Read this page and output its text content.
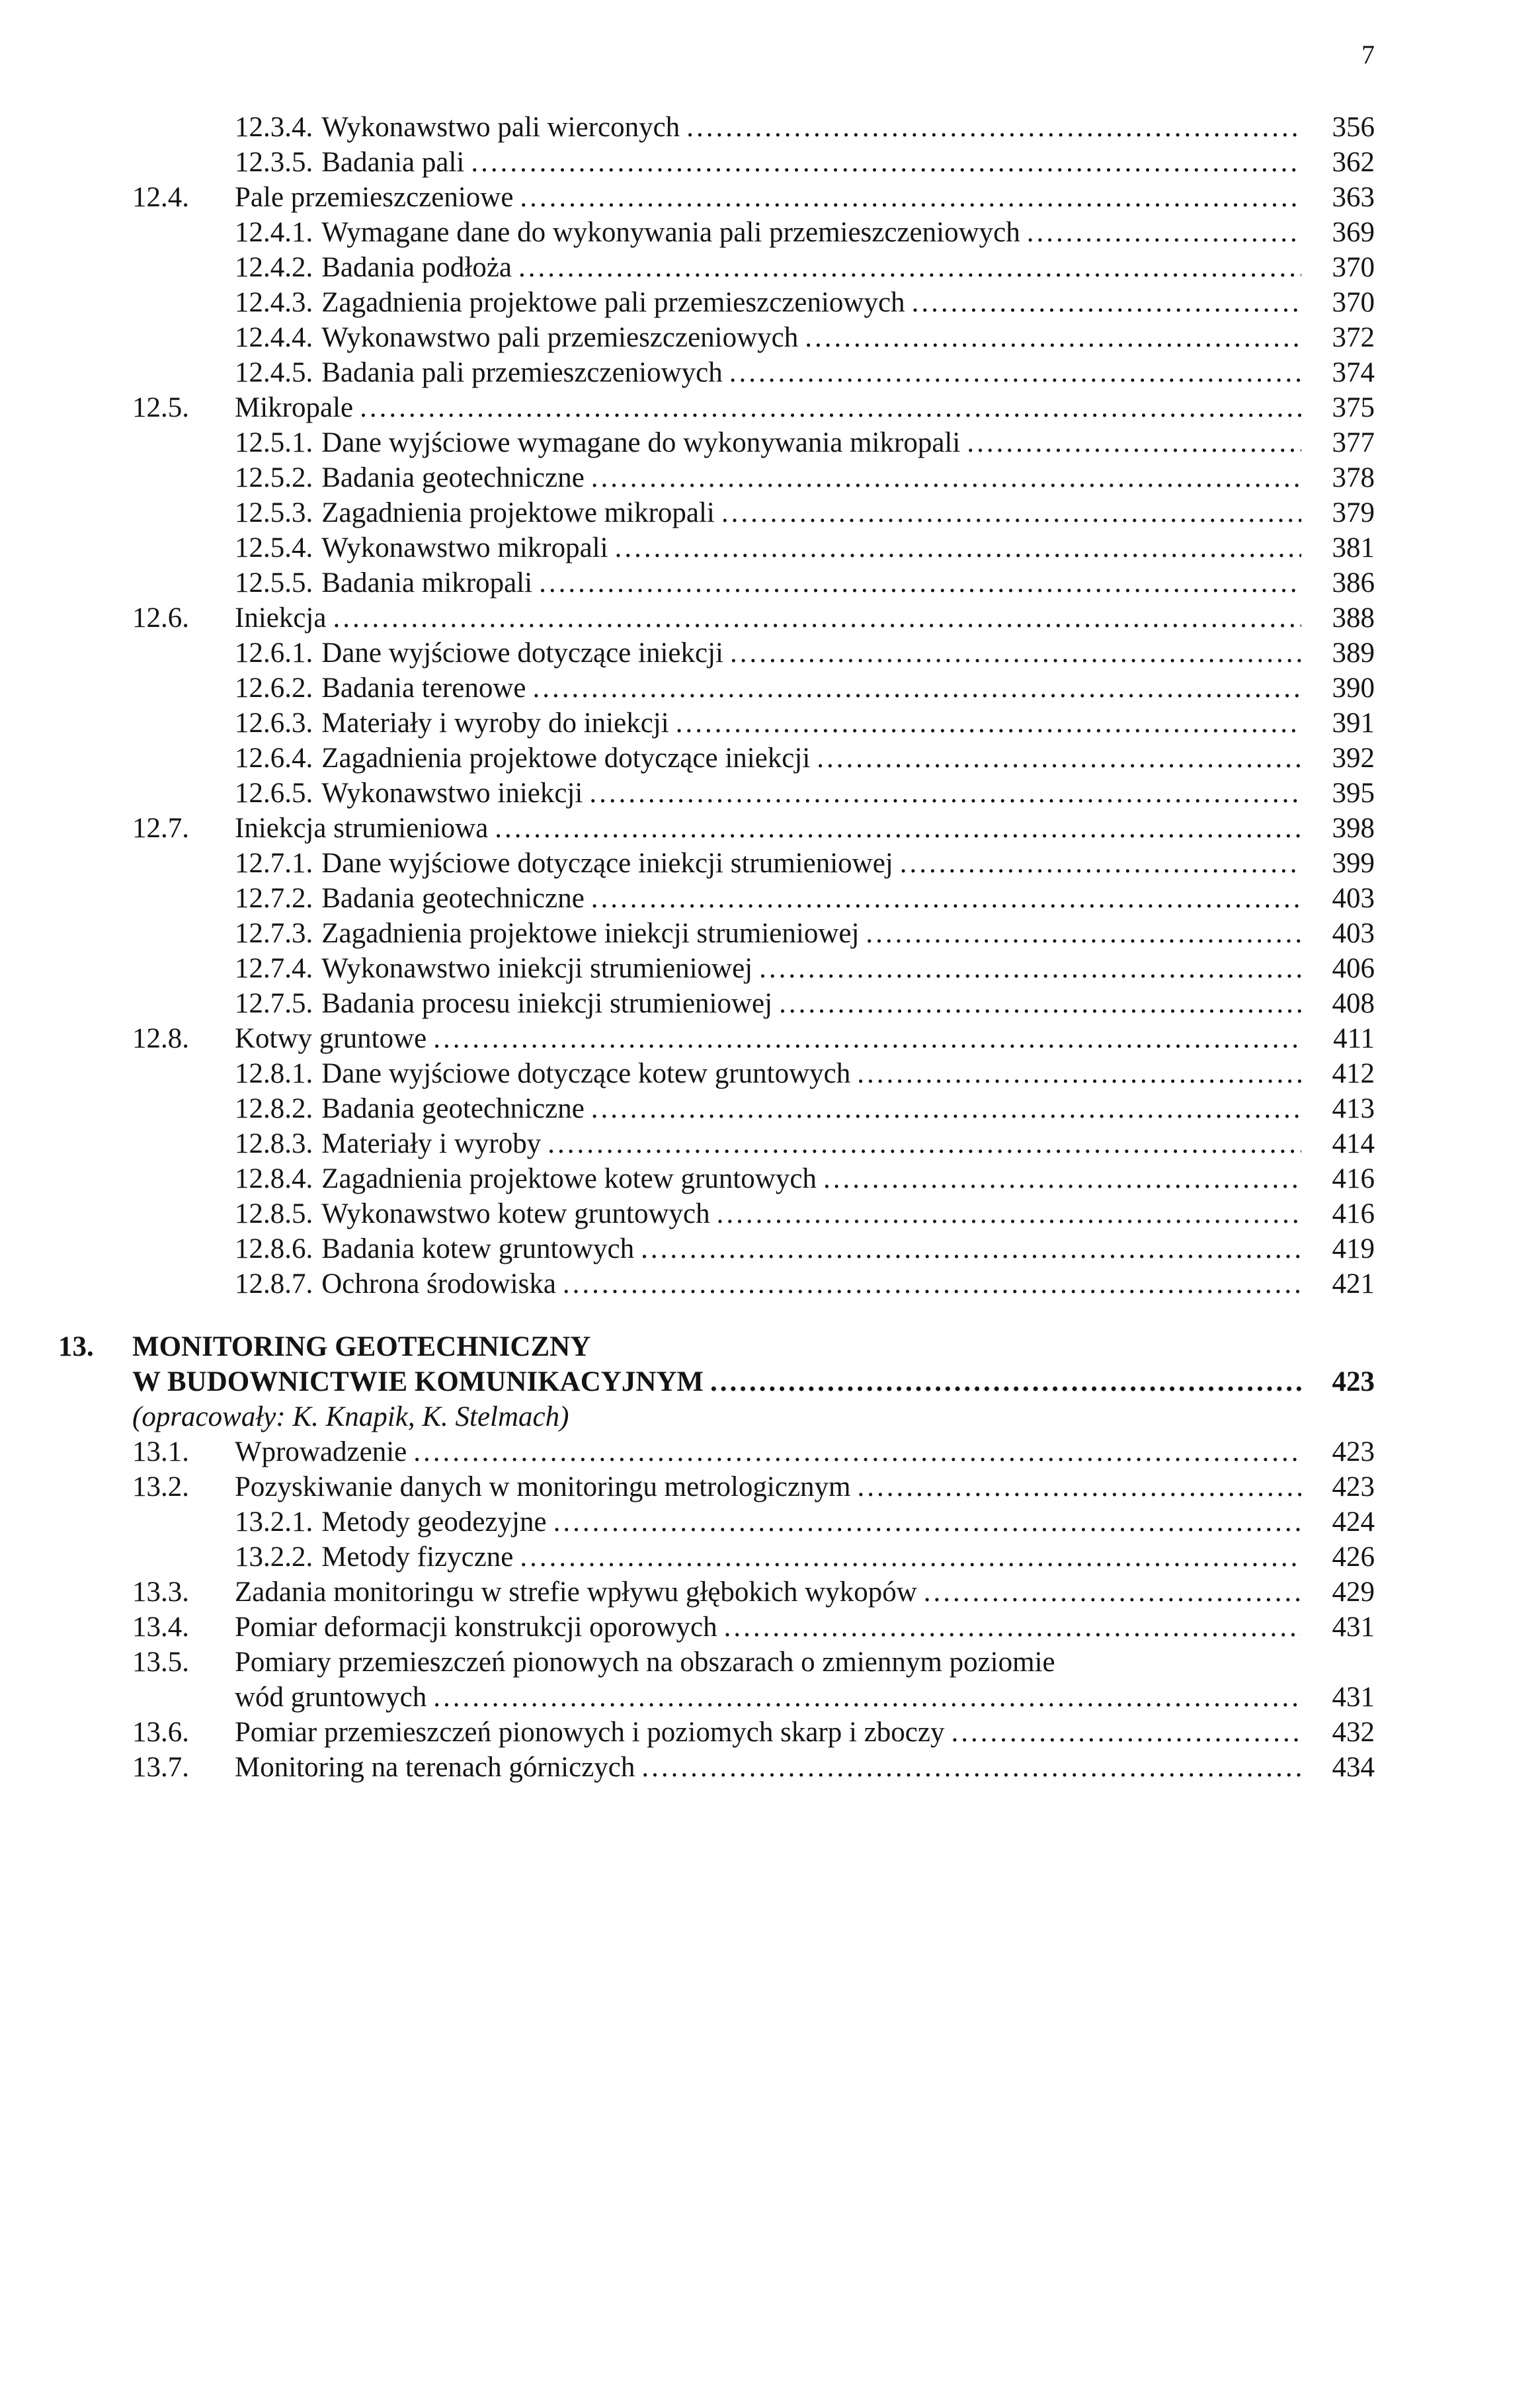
7
12.3.4. Wykonawstwo pali wierconych .....	356
12.3.5. Badania pali .....	362
12.4.	Pale przemieszczeniowe .....	363
12.4.1. Wymagane dane do wykonywania pali przemieszczeniowych .....	369
12.4.2. Badania podłoża .....	370
12.4.3. Zagadnienia projektowe pali przemieszczeniowych .....	370
12.4.4. Wykonawstwo pali przemieszczeniowych .....	372
12.4.5. Badania pali przemieszczeniowych .....	374
12.5.	Mikropale .....	375
12.5.1. Dane wyjściowe wymagane do wykonywania mikropali .....	377
12.5.2. Badania geotechniczne .....	378
12.5.3. Zagadnienia projektowe mikropali .....	379
12.5.4. Wykonawstwo mikropali .....	381
12.5.5. Badania mikropali .....	386
12.6.	Iniekcja .....	388
12.6.1. Dane wyjściowe dotyczące iniekcji .....	389
12.6.2. Badania terenowe .....	390
12.6.3. Materiały i wyroby do iniekcji .....	391
12.6.4. Zagadnienia projektowe dotyczące iniekcji .....	392
12.6.5. Wykonawstwo iniekcji .....	395
12.7.	Iniekcja strumieniowa .....	398
12.7.1. Dane wyjściowe dotyczące iniekcji strumieniowej .....	399
12.7.2. Badania geotechniczne .....	403
12.7.3. Zagadnienia projektowe iniekcji strumieniowej .....	403
12.7.4. Wykonawstwo iniekcji strumieniowej .....	406
12.7.5. Badania procesu iniekcji strumieniowej .....	408
12.8.	Kotwy gruntowe .....	411
12.8.1. Dane wyjściowe dotyczące kotew gruntowych .....	412
12.8.2. Badania geotechniczne .....	413
12.8.3. Materiały i wyroby .....	414
12.8.4. Zagadnienia projektowe kotew gruntowych .....	416
12.8.5. Wykonawstwo kotew gruntowych .....	416
12.8.6. Badania kotew gruntowych .....	419
12.8.7. Ochrona środowiska .....	421
13.	MONITORING GEOTECHNICZNY
W BUDOWNICTWIE KOMUNIKACYJNYM .....	423
(opracowały: K. Knapik, K. Stelmach)
13.1.	Wprowadzenie .....	423
13.2.	Pozyskiwanie danych w monitoringu metrologicznym .....	423
13.2.1. Metody geodezyjne .....	424
13.2.2. Metody fizyczne .....	426
13.3.	Zadania monitoringu w strefie wpływu głębokich wykopów .....	429
13.4.	Pomiar deformacji konstrukcji oporowych .....	431
13.5.	Pomiary przemieszczeń pionowych na obszarach o zmiennym poziomie
wód gruntowych .....	431
13.6.	Pomiar przemieszczeń pionowych i poziomych skarp i zboczy .....	432
13.7.	Monitoring na terenach górniczych .....	434
